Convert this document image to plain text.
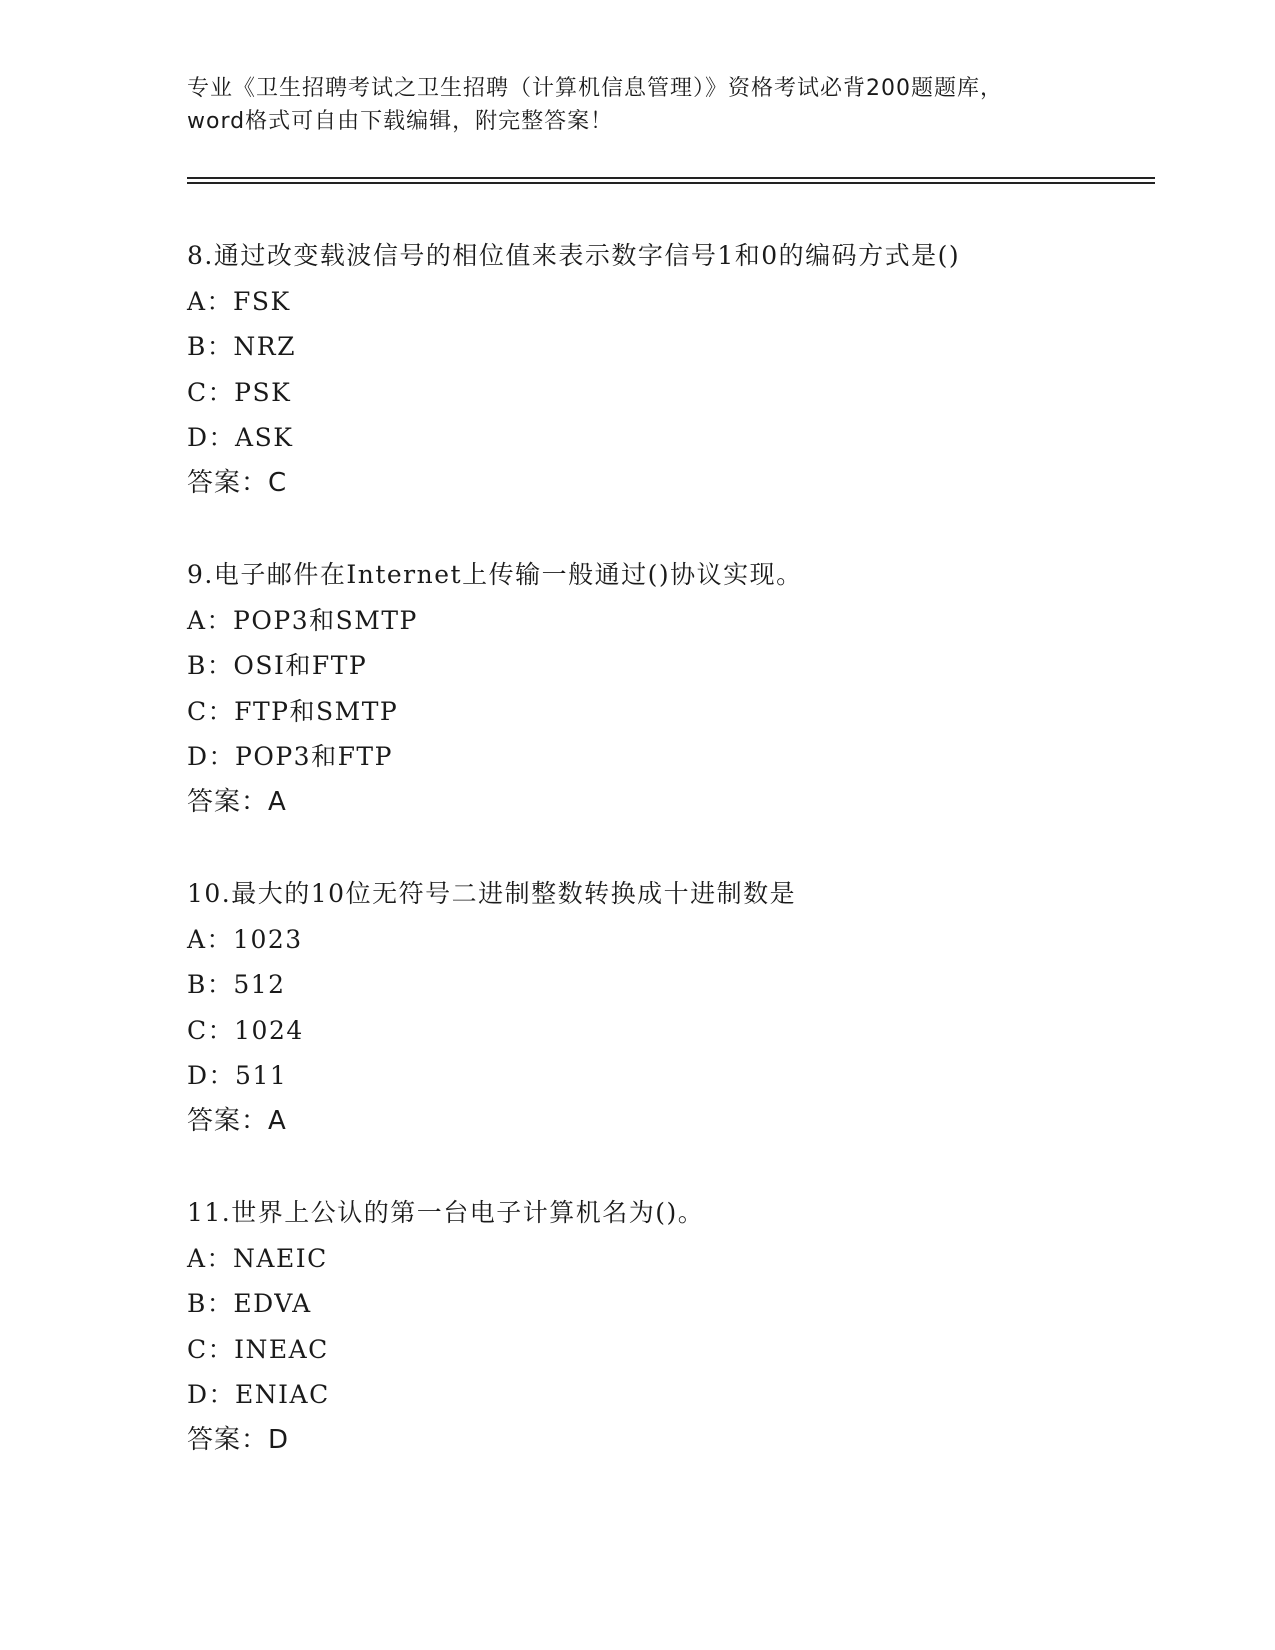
专业《卫生招聘考试之卫生招聘（计算机信息管理）》资格考试必背200题题库，
word格式可自由下载编辑，附完整答案！
8.通过改变载波信号的相位值来表示数字信号1和0的编码方式是()
A：FSK
B：NRZ
C：PSK
D：ASK
答案：C
9.电子邮件在Internet上传输一般通过()协议实现。
A：POP3和SMTP
B：OSI和FTP
C：FTP和SMTP
D：POP3和FTP
答案：A
10.最大的10位无符号二进制整数转换成十进制数是
A：1023
B：512
C：1024
D：511
答案：A
11.世界上公认的第一台电子计算机名为()。
A：NAEIC
B：EDVA
C：INEAC
D：ENIAC
答案：D
